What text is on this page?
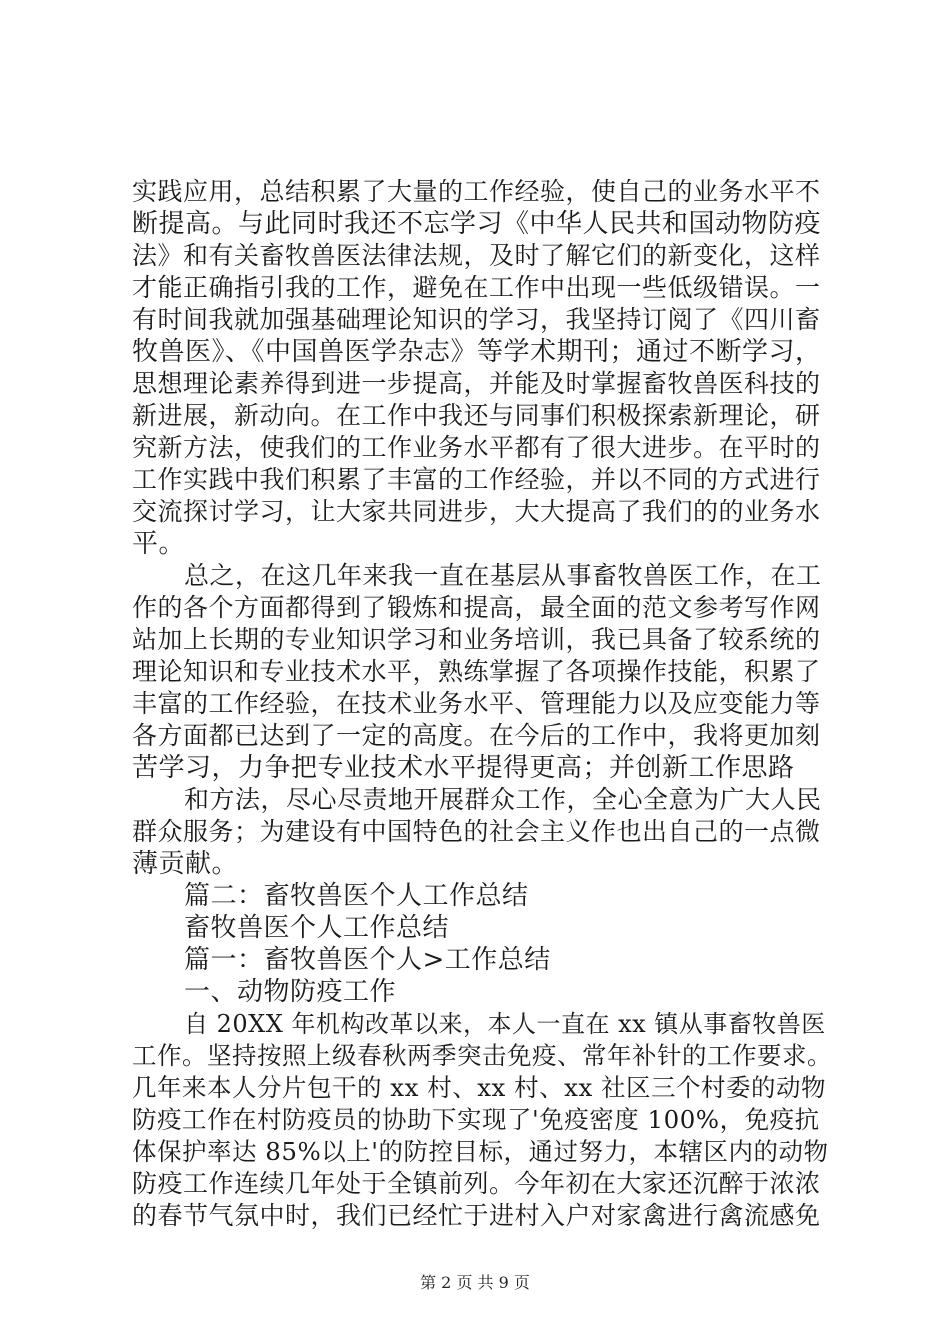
实践应用，总结积累了大量的工作经验，使自己的业务水平不
断提高。与此同时我还不忘学习《中华人民共和国动物防疫
法》和有关畜牧兽医法律法规，及时了解它们的新变化，这样
才能正确指引我的工作，避免在工作中出现一些低级错误。一
有时间我就加强基础理论知识的学习，我坚持订阅了《四川畜
牧兽医》、《中国兽医学杂志》等学术期刊；通过不断学习，
思想理论素养得到进一步提高，并能及时掌握畜牧兽医科技的
新进展，新动向。在工作中我还与同事们积极探索新理论，研
究新方法，使我们的工作业务水平都有了很大进步。在平时的
工作实践中我们积累了丰富的工作经验，并以不同的方式进行
交流探讨学习，让大家共同进步，大大提高了我们的的业务水
平。
总之，在这几年来我一直在基层从事畜牧兽医工作，在工
作的各个方面都得到了锻炼和提高，最全面的范文参考写作网
站加上长期的专业知识学习和业务培训，我已具备了较系统的
理论知识和专业技术水平，熟练掌握了各项操作技能，积累了
丰富的工作经验，在技术业务水平、管理能力以及应变能力等
各方面都已达到了一定的高度。在今后的工作中，我将更加刻
苦学习，力争把专业技术水平提得更高；并创新工作思路
和方法，尽心尽责地开展群众工作，全心全意为广大人民
群众服务；为建设有中国特色的社会主义作也出自己的一点微
薄贡献。
篇二：畜牧兽医个人工作总结
畜牧兽医个人工作总结
篇一：畜牧兽医个人>工作总结
一、动物防疫工作
自 20XX 年机构改革以来，本人一直在 xx 镇从事畜牧兽医
工作。坚持按照上级春秋两季突击免疫、常年补针的工作要求。
几年来本人分片包干的 xx 村、xx 村、xx 社区三个村委的动物
防疫工作在村防疫员的协助下实现了'免疫密度 100%，免疫抗
体保护率达 85%以上'的防控目标，通过努力，本辖区内的动物
防疫工作连续几年处于全镇前列。今年初在大家还沉醉于浓浓
的春节气氛中时，我们已经忙于进村入户对家禽进行禽流感免
第 2 页 共 9 页
